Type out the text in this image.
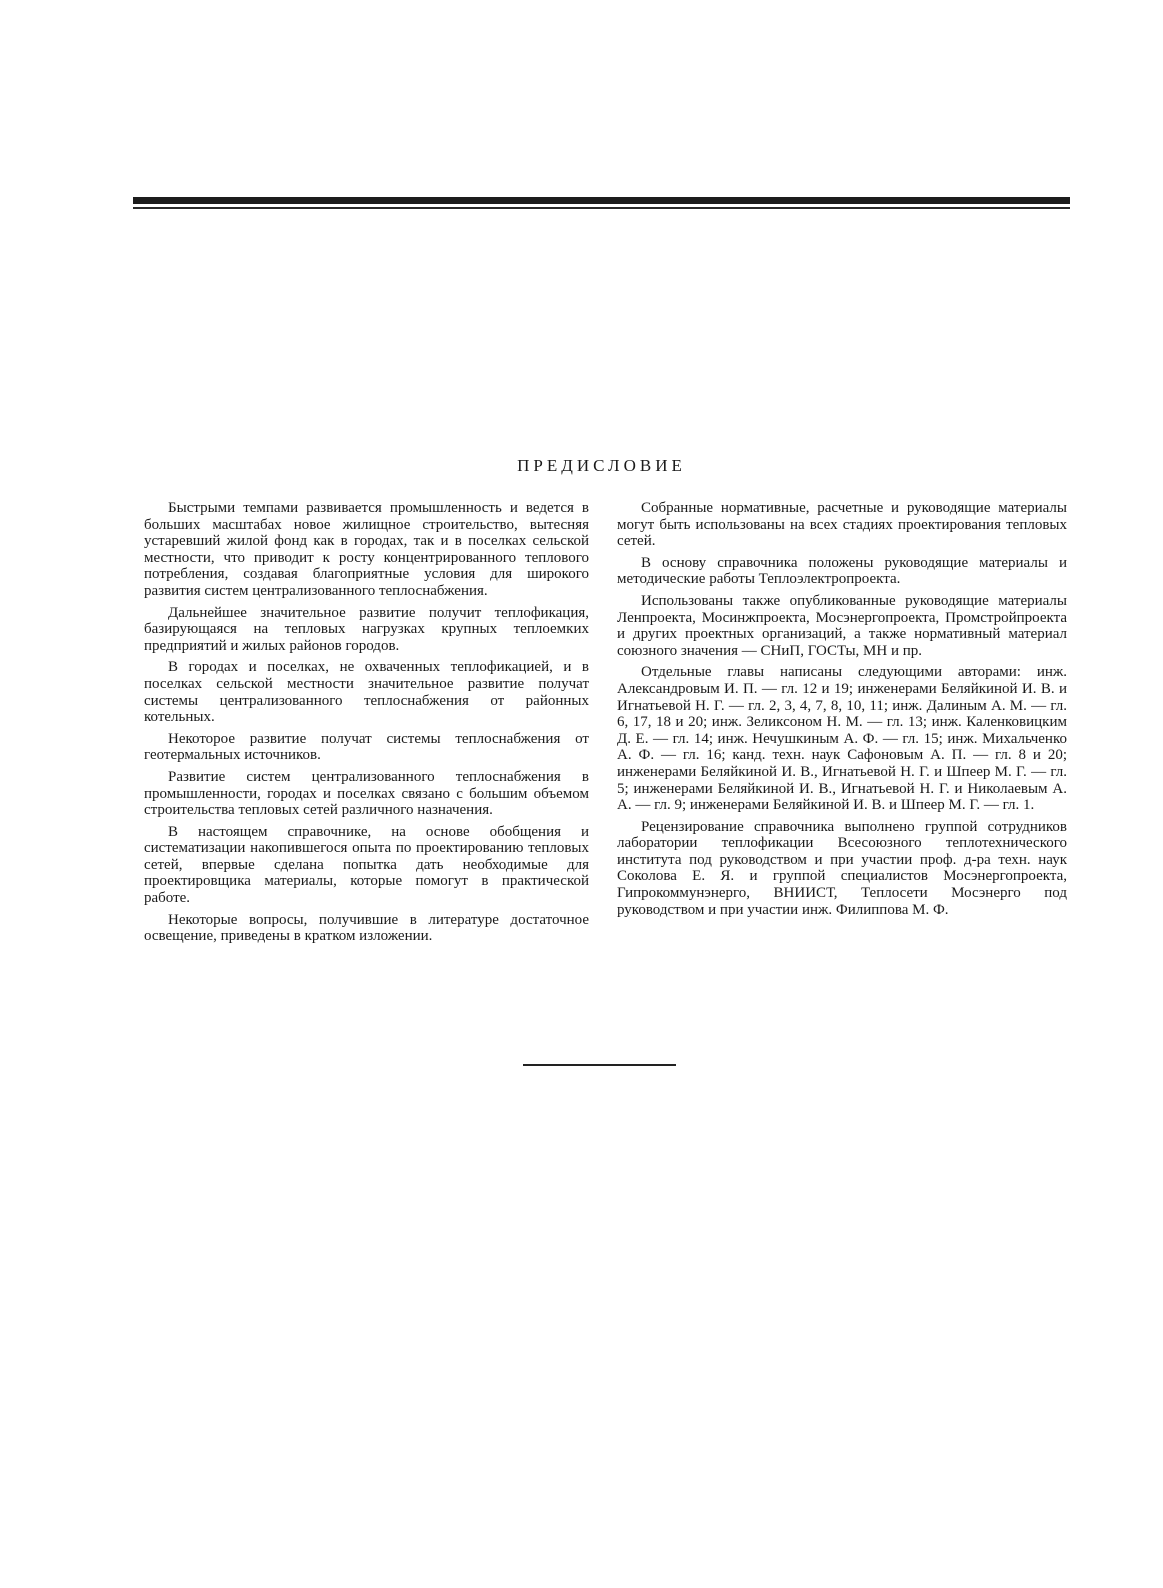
ПРЕДИСЛОВИЕ

Быстрыми темпами развивается промышленность и ведется в больших масштабах новое жилищное строительство, вытесняя устаревший жилой фонд как в городах, так и в поселках сельской местности, что приводит к росту концентрированного теплового потребления, создавая благоприятные условия для широкого развития систем централизованного теплоснабжения.

Дальнейшее значительное развитие получит теплофикация, базирующаяся на тепловых нагрузках крупных теплоемких предприятий и жилых районов городов.

В городах и поселках, не охваченных теплофикацией, и в поселках сельской местности значительное развитие получат системы централизованного теплоснабжения от районных котельных.

Некоторое развитие получат системы теплоснабжения от геотермальных источников.

Развитие систем централизованного теплоснабжения в промышленности, городах и поселках связано с большим объемом строительства тепловых сетей различного назначения.

В настоящем справочнике, на основе обобщения и систематизации накопившегося опыта по проектированию тепловых сетей, впервые сделана попытка дать необходимые для проектировщика материалы, которые помогут в практической работе.

Некоторые вопросы, получившие в литературе достаточное освещение, приведены в кратком изложении.

Собранные нормативные, расчетные и руководящие материалы могут быть использованы на всех стадиях проектирования тепловых сетей.

В основу справочника положены руководящие материалы и методические работы Теплоэлектропроекта.

Использованы также опубликованные руководящие материалы Ленпроекта, Мосинжпроекта, Мосэнергопроекта, Промстройпроекта и других проектных организаций, а также нормативный материал союзного значения — СНиП, ГОСТы, МН и пр.

Отдельные главы написаны следующими авторами: инж. Александровым И. П. — гл. 12 и 19; инженерами Беляйкиной И. В. и Игнатьевой Н. Г. — гл. 2, 3, 4, 7, 8, 10, 11; инж. Далиным А. М. — гл. 6, 17, 18 и 20; инж. Зеликсоном Н. М. — гл. 13; инж. Каленковицким Д. Е. — гл. 14; инж. Нечушкиным А. Ф. — гл. 15; инж. Михальченко А. Ф. — гл. 16; канд. техн. наук Сафоновым А. П. — гл. 8 и 20; инженерами Беляйкиной И. В., Игнатьевой Н. Г. и Шпеер М. Г. — гл. 5; инженерами Беляйкиной И. В., Игнатьевой Н. Г. и Николаевым А. А. — гл. 9; инженерами Беляйкиной И. В. и Шпеер М. Г. — гл. 1.

Рецензирование справочника выполнено группой сотрудников лаборатории теплофикации Всесоюзного теплотехнического института под руководством и при участии проф. д-ра техн. наук Соколова Е. Я. и группой специалистов Мосэнергопроекта, Гипрокоммунэнерго, ВНИИСТ, Теплосети Мосэнерго под руководством и при участии инж. Филиппова М. Ф.
